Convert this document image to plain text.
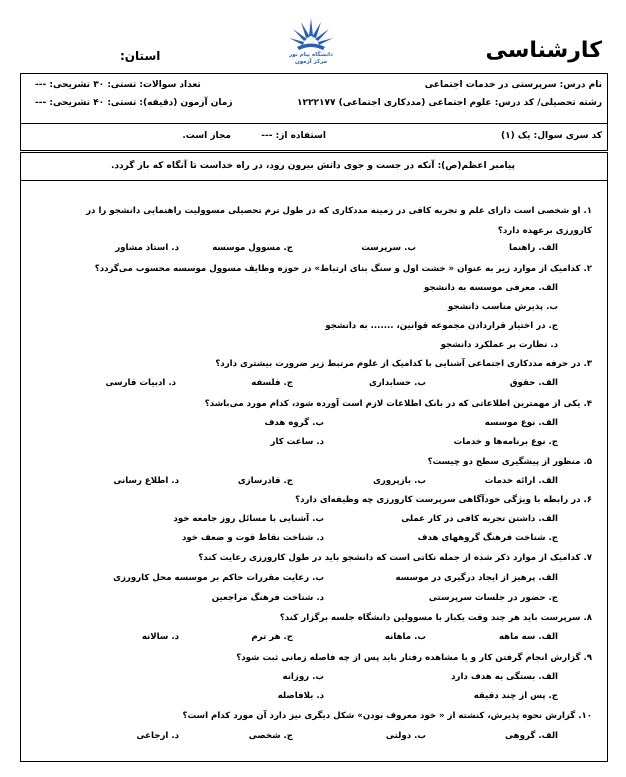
کارشناسی
استان:	دانشگاه پیام نور مرکز آزمون
نام درس: سرپرستی در خدمات اجتماعی
رشته تحصیلی/ کد درس: علوم اجتماعی (مددکاری اجتماعی) ۱۲۲۲۱۷۷
تعداد سوالات: تستی: ۳۰ تشریحی: ---
زمان آزمون (دقیقه): تستی: ۴۰ تشریحی: ---
کد سری سوال: یک (۱)
استفاده از: ---
مجاز است.
پیامبر اعظم(ص): آنکه در جست و جوی دانش بیرون رود، در راه خداست تا آنگاه که باز گردد.
۱. او شخصی است دارای علم و تجربه کافی در زمینه مددکاری که در طول ترم تحصیلی مسوولیت راهنمایی دانشجو را در
کارورزی برعهده دارد؟
الف. راهنما
ب. سرپرست
ج. مسوول موسسه
د. استاد مشاور
۲. کدامیک از موارد زیر به عنوان « خشت اول و سنگ بنای ارتباط» در حوزه وظایف مسوول موسسه محسوب می‌گردد؟
الف. معرفی موسسه به دانشجو
ب. پذیرش مناسب دانشجو
ج. در اختیار قراردادن مجموعه قوانین، ....... به دانشجو
د. نظارت بر عملکرد دانشجو
۳. در حرفه مددکاری اجتماعی آشنایی با کدامیک از علوم مرتبط زیر ضرورت بیشتری دارد؟
الف. حقوق
ب. حسابداری
ج. فلسفه
د. ادبیات فارسی
۴. یکی از مهمترین اطلاعاتی که در بانک اطلاعات لازم است آورده شود، کدام مورد می‌باشد؟
الف. نوع موسسه
ب. گروه هدف
ج. نوع برنامه‌ها و خدمات
د. ساعت کار
۵. منظور از پیشگیری سطح دو چیست؟
الف. ارائه خدمات
ب. بازپروری
ج. قادرسازی
د. اطلاع رسانی
۶. در رابطه با ویژگی خودآگاهی سرپرست کارورزی چه وظیفه‌ای دارد؟
الف. داشتن تجربه کافی در کار عملی
ب. آشنایی با مسائل روز جامعه خود
ج. شناخت فرهنگ گروههای هدف
د. شناخت نقاط قوت و ضعف خود
۷. کدامیک از موارد ذکر شده از جمله نکاتی است که دانشجو باید در طول کارورزی رعایت کند؟
الف. پرهیز از ایجاد درگیری در موسسه
ب. رعایت مقررات حاکم بر موسسه محل کارورزی
ج. حضور در جلسات سرپرستی
د. شناخت فرهنگ مراجعین
۸. سرپرست باید هر چند وقت یکبار با مسوولین دانشگاه جلسه برگزار کند؟
الف. سه ماهه
ب. ماهانه
ج. هر ترم
د. سالانه
۹. گزارش انجام گرفتن کار و یا مشاهده رفتار باید پس از چه فاصله زمانی ثبت شود؟
الف. بستگی به هدف دارد
ب. روزانه
ج. پس از چند دقیقه
د. بلافاصله
۱۰. گزارش نحوه پذیرش، کنشته از « خود معروف بودن» شکل دیگری نیز دارد آن مورد کدام است؟
الف. گروهی
ب. دولتی
ج. شخصی
د. ارجاعی
